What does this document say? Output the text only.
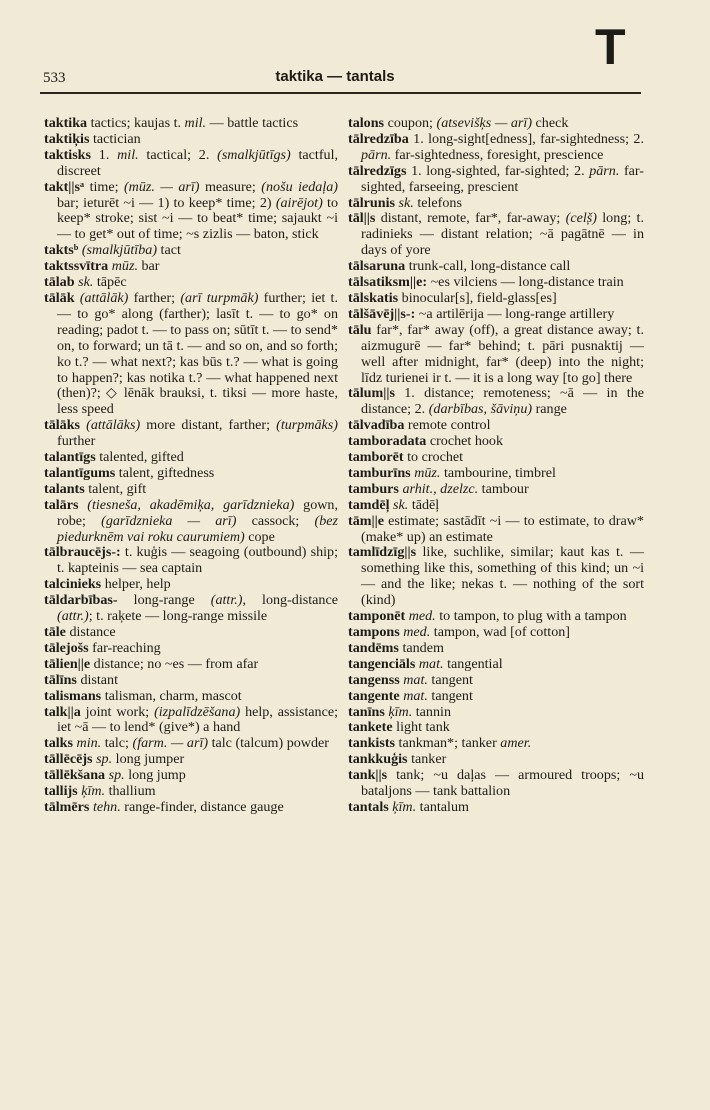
533	taktika — tantals
T

taktika tactics; kaujas t. mil. — battle tactics

taktiķis tactician

taktisks 1. mil. tactical; 2. (smalkjūtīgs) tactful, discreet

takt||sᵃ time; (mūz. — arī) measure; (nošu iedaļa) bar; ieturēt ~i — 1) to keep* time; 2) (airējot) to keep* stroke; sist ~i — to beat* time; sajaukt ~i — to get* out of time; ~s zizlis — baton, stick

taktsᵇ (smalkjūtība) tact

taktssvītra mūz. bar

tālab sk. tāpēc

tālāk (attālāk) farther; (arī turpmāk) further; iet t. — to go* along (farther); lasīt t. — to go* on reading; padot t. — to pass on; sūtīt t. — to send* on, to forward; un tā t. — and so on, and so forth; ko t.? — what next?; kas būs t.? — what is going to happen?; kas notika t.? — what happened next (then)?; ◇ lēnāk brauksi, t. tiksi — more haste, less speed

tālāks (attālāks) more distant, farther; (turpmāks) further

talantīgs talented, gifted

talantīgums talent, giftedness

talants talent, gift

talārs (tiesneša, akadēmiķa, garīdznieka) gown, robe; (garīdznieka — arī) cassock; (bez piedurknēm vai roku caurumiem) cope

tālbraucējs-: t. kuģis — seagoing (outbound) ship; t. kapteinis — sea captain

talcinieks helper, help

tāldarbības- long-range (attr.), long-distance (attr.); t. raķete — long-range missile

tāle distance

tālejošs far-reaching

tālien||e distance; no ~es — from afar

tālīns distant

talismans talisman, charm, mascot

talk||a joint work; (izpalīdzēšana) help, assistance; iet ~ā — to lend* (give*) a hand

talks min. talc; (farm. — arī) talc (talcum) powder

tāllēcējs sp. long jumper

tāllēkšana sp. long jump

tallijs ķīm. thallium

tālmērs tehn. range-finder, distance gauge

talons coupon; (atsevišķs — arī) check

tālredzība 1. long-sight[edness], far-sightedness; 2. pārn. far-sightedness, foresight, prescience

tālredzīgs 1. long-sighted, far-sighted; 2. pārn. far-sighted, farseeing, prescient

tālrunis sk. telefons

tāl||s distant, remote, far*, far-away; (cel̦š) long; t. radinieks — distant relation; ~ā pagātnē — in days of yore

tālsaruna trunk-call, long-distance call

tālsatiksm||e: ~es vilciens — long-distance train

tālskatis binocular[s], field-glass[es]

tālšāvēj||s-: ~a artilērija — long-range artillery

tālu far*, far* away (off), a great distance away; t. aizmugurē — far* behind; t. pāri pusnaktij — well after midnight, far* (deep) into the night; līdz turienei ir t. — it is a long way [to go] there

tālum||s 1. distance; remoteness; ~ā — in the distance; 2. (darbības, šāviņu) range

tālvadība remote control

tamboradata crochet hook

tamborēt to crochet

tamburīns mūz. tambourine, timbrel

tamburs arhit., dzelzc. tambour

tamdēļ sk. tādēļ

tām||e estimate; sastādīt ~i — to estimate, to draw* (make* up) an estimate

tamlīdzīg||s like, suchlike, similar; kaut kas t. — something like this, something of this kind; un ~i — and the like; nekas t. — nothing of the sort (kind)

tamponēt med. to tampon, to plug with a tampon

tampons med. tampon, wad [of cotton]

tandēms tandem

tangenciāls mat. tangential

tangenss mat. tangent

tangente mat. tangent

tanīns ķīm. tannin

tankete light tank

tankists tankman*; tanker amer.

tankkuģis tanker

tank||s tank; ~u daļas — armoured troops; ~u bataljons — tank battalion

tantals ķīm. tantalum
